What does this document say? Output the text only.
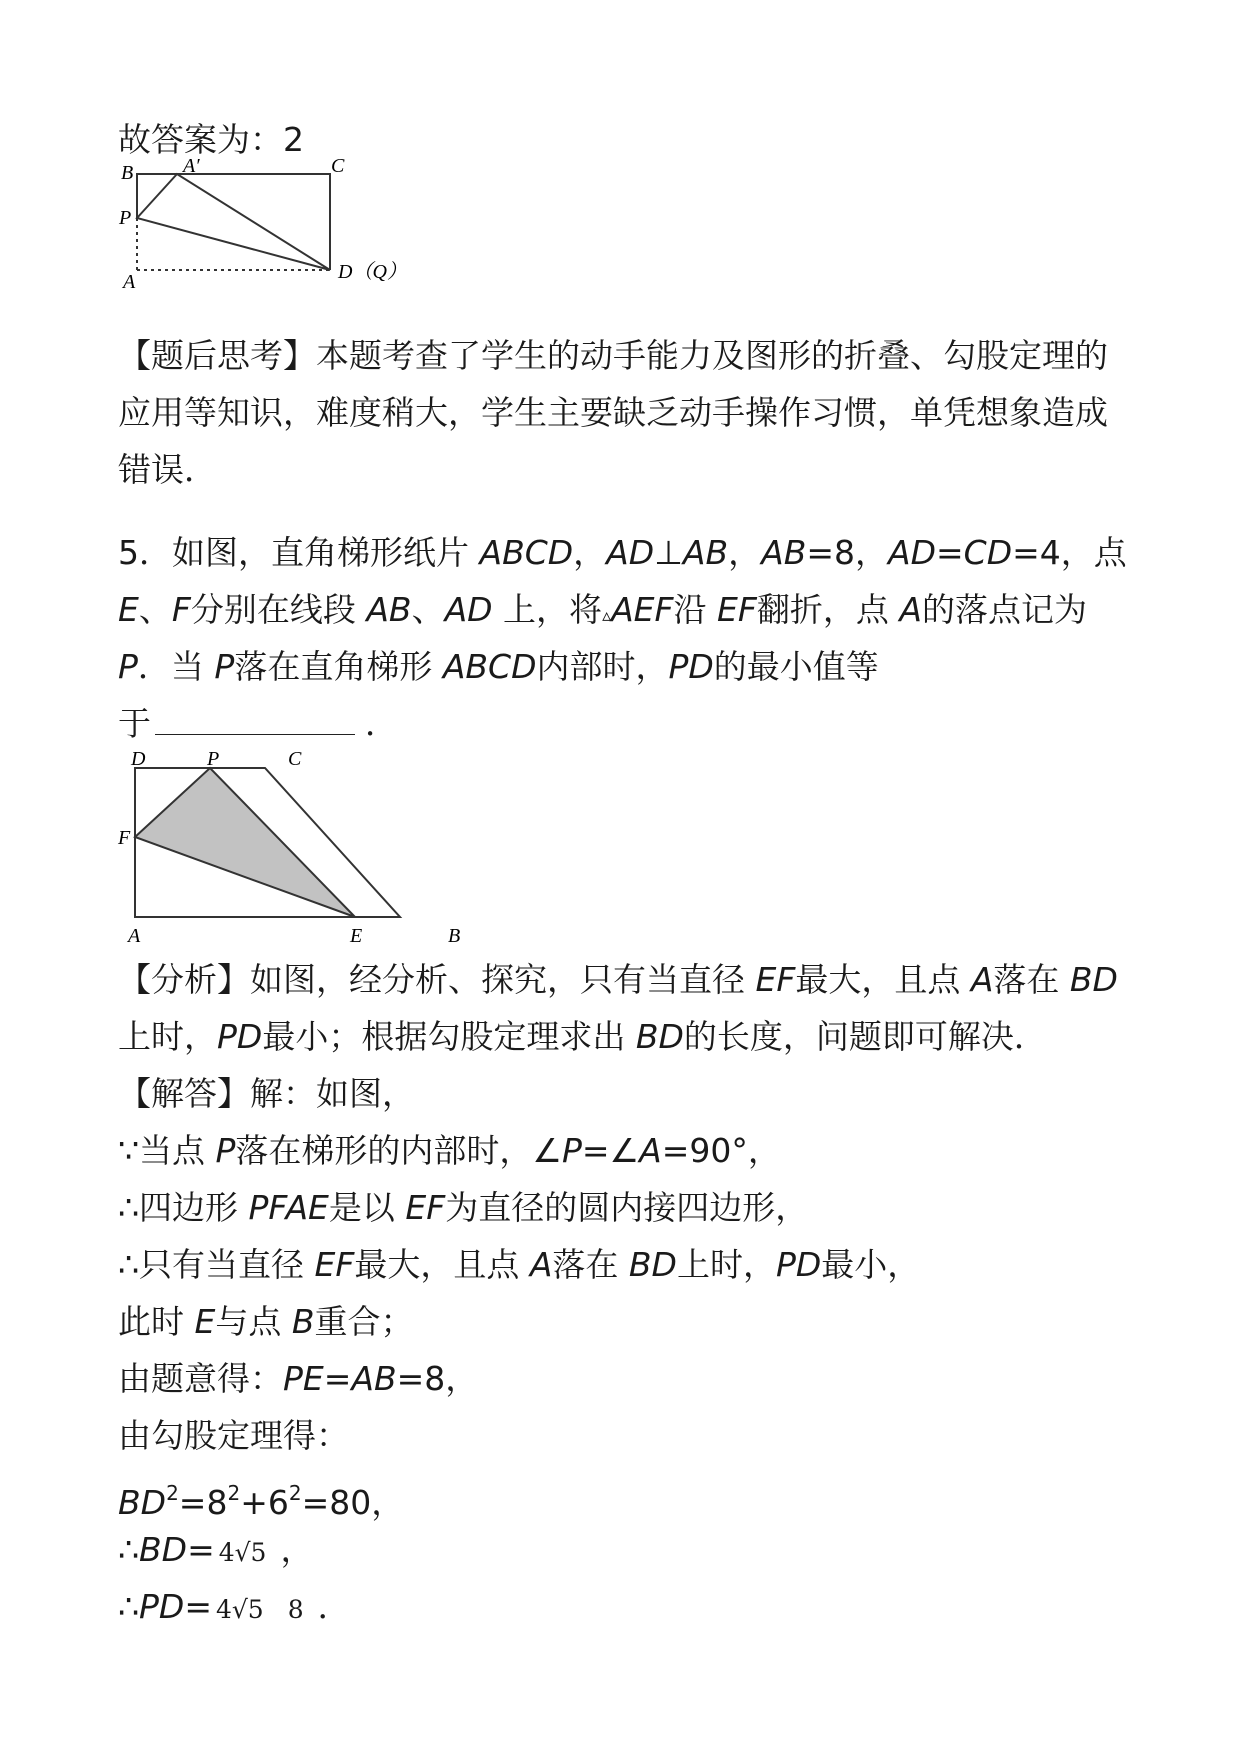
故答案为：2
B A′	C
P
A	D（Q）
【题后思考】本题考查了学生的动手能力及图形的折叠、勾股定理的
应用等知识，难度稍大，学生主要缺乏动手操作习惯，单凭想象造成
错误．
5．如图，直角梯形纸片 ABCD，AD⊥AB，AB=8，AD=CD=4，点
E、F分别在线段 AB、AD 上，将▵AEF沿 EF翻折，点 A的落点记为
P．当 P落在直角梯形 ABCD内部时，PD的最小值等
于	．
D	P	C
F
A	E	B
【分析】如图，经分析、探究，只有当直径 EF最大，且点 A落在 BD
上时，PD最小；根据勾股定理求出 BD的长度，问题即可解决．
【解答】解：如图，
∵当点 P落在梯形的内部时，∠P=∠A=90°，
∴四边形 PFAE是以 EF为直径的圆内接四边形，
∴只有当直径 EF最大，且点 A落在 BD上时，PD最小，
此时 E与点 B重合；
由题意得：PE=AB=8，
由勾股定理得：
$BD^2=8^2+6^2=80$，
∴BD= 4√5 ，
∴PD= 4√5 8 ．
